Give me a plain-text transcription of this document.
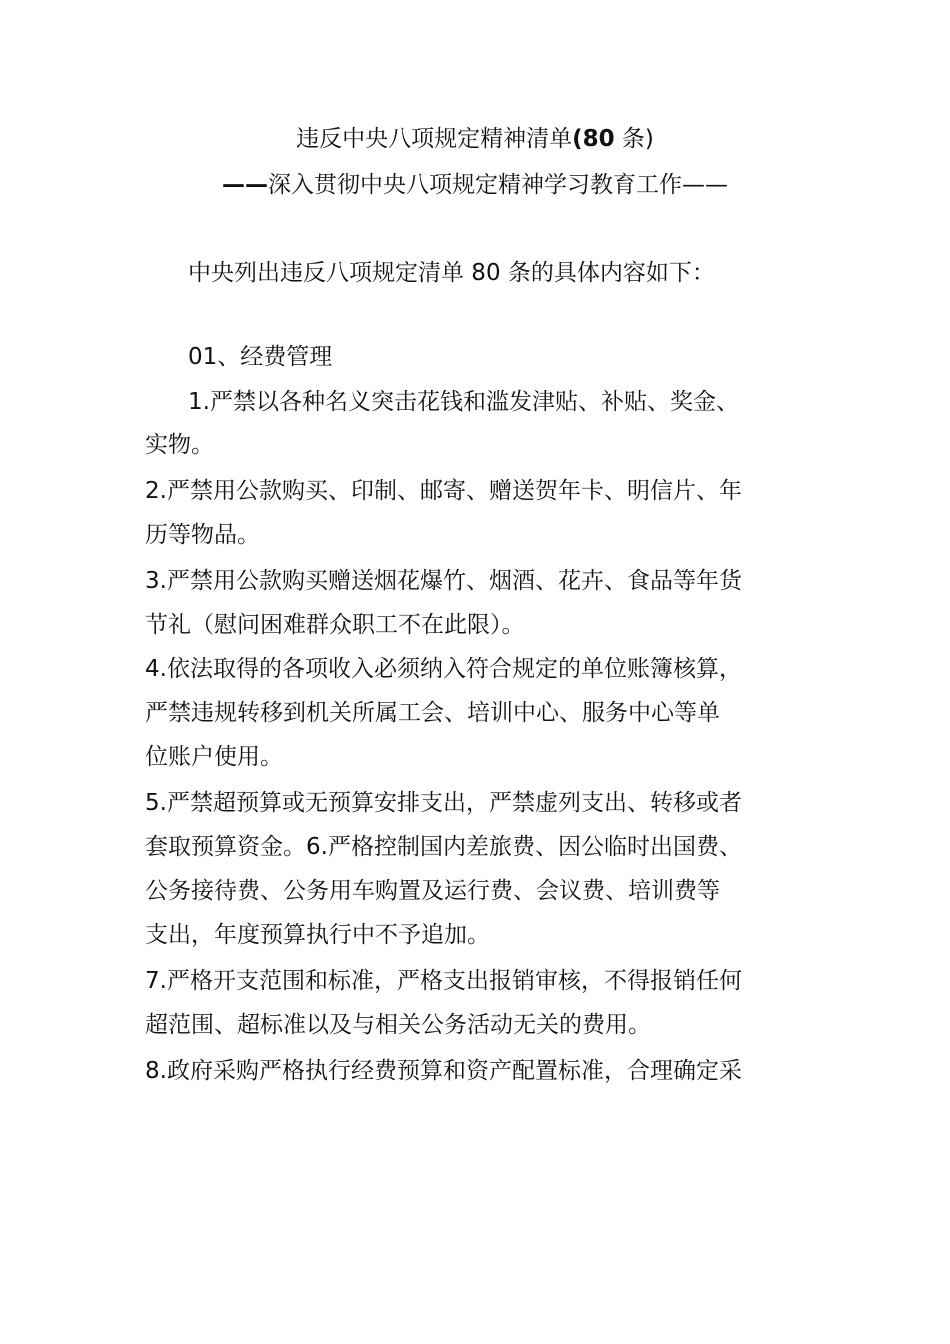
违反中央八项规定精神清单(80 条)
——深入贯彻中央八项规定精神学习教育工作——
中央列出违反八项规定清单 80 条的具体内容如下：
01、经费管理
1.严禁以各种名义突击花钱和滥发津贴、补贴、奖金、
实物。
2.严禁用公款购买、印制、邮寄、赠送贺年卡、明信片、年
历等物品。
3.严禁用公款购买赠送烟花爆竹、烟酒、花卉、食品等年货
节礼（慰问困难群众职工不在此限）。
4.依法取得的各项收入必须纳入符合规定的单位账簿核算，
严禁违规转移到机关所属工会、培训中心、服务中心等单
位账户使用。
5.严禁超预算或无预算安排支出，严禁虚列支出、转移或者
套取预算资金。6.严格控制国内差旅费、因公临时出国费、
公务接待费、公务用车购置及运行费、会议费、培训费等
支出，年度预算执行中不予追加。
7.严格开支范围和标准，严格支出报销审核，不得报销任何
超范围、超标准以及与相关公务活动无关的费用。
8.政府采购严格执行经费预算和资产配置标准，合理确定采
